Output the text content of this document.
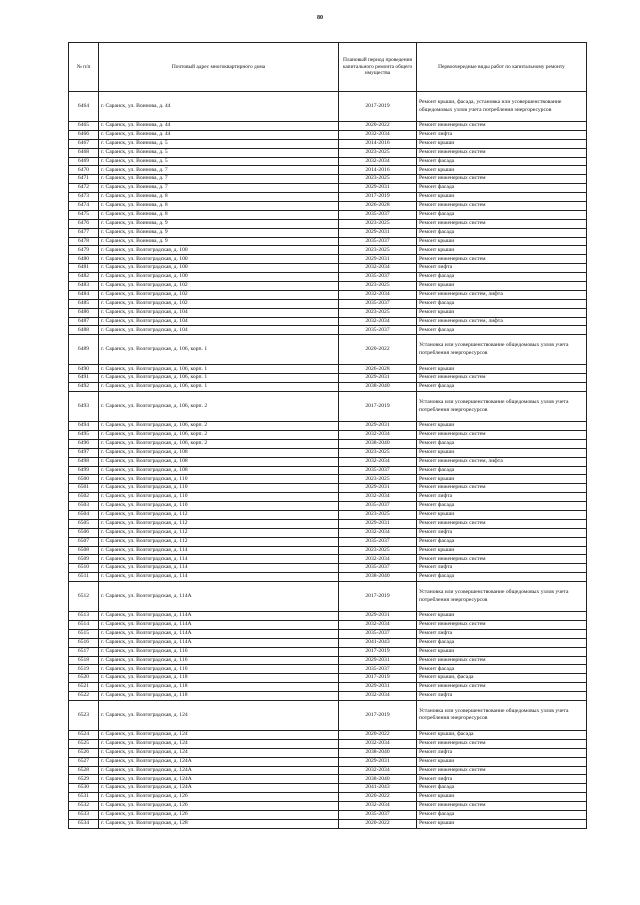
80
№ п/п	Почтовый адрес многоквартирного дома	Плановый период проведения капитального ремонта общего имущества	Первоочередные виды работ по капитальному ремонту
6464	г. Саранск, ул. Воинова, д. 44	2017-2019	Ремонт крыши, фасада, установка или усовершенствование общедомовых узлов учета потребления энергоресурсов
6465	г. Саранск, ул. Воинова, д. 44	2020-2022	Ремонт инженерных систем
6466	г. Саранск, ул. Воинова, д. 44	2032-2034	Ремонт лифта
6467	г. Саранск, ул. Воинова, д. 5	2014-2016	Ремонт крыши
6468	г. Саранск, ул. Воинова, д. 5	2023-2025	Ремонт инженерных систем
6469	г. Саранск, ул. Воинова, д. 5	2032-2034	Ремонт фасада
6470	г. Саранск, ул. Воинова, д. 7	2014-2016	Ремонт крыши
6471	г. Саранск, ул. Воинова, д. 7	2023-2025	Ремонт инженерных систем
6472	г. Саранск, ул. Воинова, д. 7	2029-2031	Ремонт фасада
6473	г. Саранск, ул. Воинова, д. 8	2017-2019	Ремонт крыши
6474	г. Саранск, ул. Воинова, д. 8	2026-2028	Ремонт инженерных систем
6475	г. Саранск, ул. Воинова, д. 8	2035-2037	Ремонт фасада
6476	г. Саранск, ул. Воинова, д. 9	2023-2025	Ремонт инженерных систем
6477	г. Саранск, ул. Воинова, д. 9	2029-2031	Ремонт фасада
6478	г. Саранск, ул. Воинова, д. 9	2035-2037	Ремонт крыши
6479	г. Саранск, ул. Волгоградская, д. 100	2023-2025	Ремонт крыши
6480	г. Саранск, ул. Волгоградская, д. 100	2029-2031	Ремонт инженерных систем
6481	г. Саранск, ул. Волгоградская, д. 100	2032-2034	Ремонт лифта
6482	г. Саранск, ул. Волгоградская, д. 100	2035-2037	Ремонт фасада
6483	г. Саранск, ул. Волгоградская, д. 102	2023-2025	Ремонт крыши
6484	г. Саранск, ул. Волгоградская, д. 102	2032-2034	Ремонт инженерных систем, лифта
6485	г. Саранск, ул. Волгоградская, д. 102	2035-2037	Ремонт фасада
6486	г. Саранск, ул. Волгоградская, д. 104	2023-2025	Ремонт крыши
6487	г. Саранск, ул. Волгоградская, д. 104	2032-2034	Ремонт инженерных систем, лифта
6488	г. Саранск, ул. Волгоградская, д. 104	2035-2037	Ремонт фасада
6489	г. Саранск, ул. Волгоградская, д. 106, корп. 1	2020-2022	Установка или усовершенствование общедомовых узлов учета потребления энергоресурсов
6490	г. Саранск, ул. Волгоградская, д. 106, корп. 1	2026-2028	Ремонт крыши
6491	г. Саранск, ул. Волгоградская, д. 106, корп. 1	2029-2031	Ремонт инженерных систем
6492	г. Саранск, ул. Волгоградская, д. 106, корп. 1	2038-2040	Ремонт фасада
6493	г. Саранск, ул. Волгоградская, д. 106, корп. 2	2017-2019	Установка или усовершенствование общедомовых узлов учета потребления энергоресурсов
6494	г. Саранск, ул. Волгоградская, д. 106, корп. 2	2029-2031	Ремонт крыши
6495	г. Саранск, ул. Волгоградская, д. 106, корп. 2	2032-2034	Ремонт инженерных систем
6496	г. Саранск, ул. Волгоградская, д. 106, корп. 2	2038-2040	Ремонт фасада
6497	г. Саранск, ул. Волгоградская, д. 108	2023-2025	Ремонт крыши
6498	г. Саранск, ул. Волгоградская, д. 108	2032-2034	Ремонт инженерных систем, лифта
6499	г. Саранск, ул. Волгоградская, д. 108	2035-2037	Ремонт фасада
6500	г. Саранск, ул. Волгоградская, д. 110	2023-2025	Ремонт крыши
6501	г. Саранск, ул. Волгоградская, д. 110	2029-2031	Ремонт инженерных систем
6502	г. Саранск, ул. Волгоградская, д. 110	2032-2034	Ремонт лифта
6503	г. Саранск, ул. Волгоградская, д. 110	2035-2037	Ремонт фасада
6504	г. Саранск, ул. Волгоградская, д. 112	2023-2025	Ремонт крыши
6505	г. Саранск, ул. Волгоградская, д. 112	2029-2031	Ремонт инженерных систем
6506	г. Саранск, ул. Волгоградская, д. 112	2032-2034	Ремонт лифта
6507	г. Саранск, ул. Волгоградская, д. 112	2035-2037	Ремонт фасада
6508	г. Саранск, ул. Волгоградская, д. 114	2023-2025	Ремонт крыши
6509	г. Саранск, ул. Волгоградская, д. 114	2032-2034	Ремонт инженерных систем
6510	г. Саранск, ул. Волгоградская, д. 114	2035-2037	Ремонт лифта
6511	г. Саранск, ул. Волгоградская, д. 114	2038-2040	Ремонт фасада
6512	г. Саранск, ул. Волгоградская, д. 114А	2017-2019	Установка или усовершенствование общедомовых узлов учета потребления энергоресурсов
6513	г. Саранск, ул. Волгоградская, д. 114А	2029-2031	Ремонт крыши
6514	г. Саранск, ул. Волгоградская, д. 114А	2032-2034	Ремонт инженерных систем
6515	г. Саранск, ул. Волгоградская, д. 114А	2035-2037	Ремонт лифта
6516	г. Саранск, ул. Волгоградская, д. 114А	2041-2043	Ремонт фасада
6517	г. Саранск, ул. Волгоградская, д. 116	2017-2019	Ремонт крыши
6518	г. Саранск, ул. Волгоградская, д. 116	2029-2031	Ремонт инженерных систем
6519	г. Саранск, ул. Волгоградская, д. 116	2035-2037	Ремонт фасада
6520	г. Саранск, ул. Волгоградская, д. 118	2017-2019	Ремонт крыши, фасада
6521	г. Саранск, ул. Волгоградская, д. 118	2029-2031	Ремонт инженерных систем
6522	г. Саранск, ул. Волгоградская, д. 118	2032-2034	Ремонт лифта
6523	г. Саранск, ул. Волгоградская, д. 124	2017-2019	Установка или усовершенствование общедомовых узлов учета потребления энергоресурсов
6524	г. Саранск, ул. Волгоградская, д. 124	2020-2022	Ремонт крыши, фасада
6525	г. Саранск, ул. Волгоградская, д. 124	2032-2034	Ремонт инженерных систем
6526	г. Саранск, ул. Волгоградская, д. 124	2038-2040	Ремонт лифта
6527	г. Саранск, ул. Волгоградская, д. 124А	2029-2031	Ремонт крыши
6528	г. Саранск, ул. Волгоградская, д. 124А	2032-2034	Ремонт инженерных систем
6529	г. Саранск, ул. Волгоградская, д. 124А	2038-2040	Ремонт лифта
6530	г. Саранск, ул. Волгоградская, д. 124А	2041-2043	Ремонт фасада
6531	г. Саранск, ул. Волгоградская, д. 126	2020-2022	Ремонт крыши
6532	г. Саранск, ул. Волгоградская, д. 126	2032-2034	Ремонт инженерных систем
6533	г. Саранск, ул. Волгоградская, д. 126	2035-2037	Ремонт фасада
6534	г. Саранск, ул. Волгоградская, д. 128	2020-2022	Ремонт крыши
